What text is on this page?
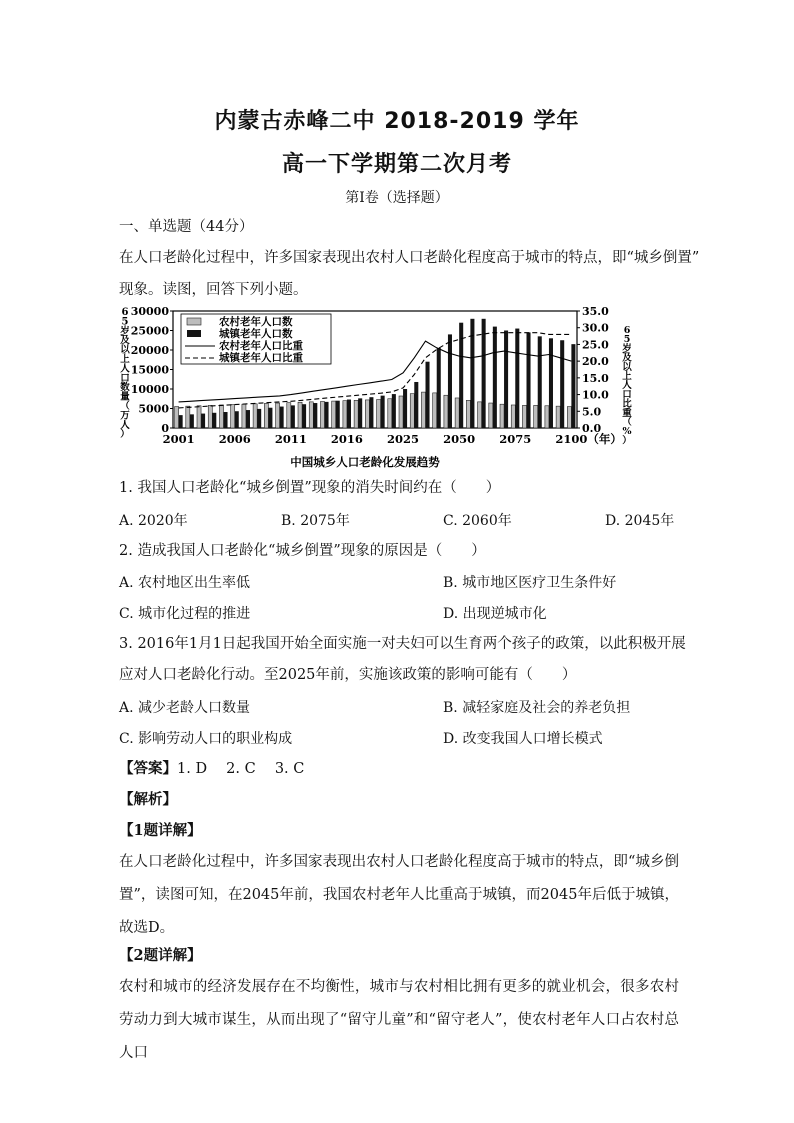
内蒙古赤峰二中 2018-2019 学年
高一下学期第二次月考
第Ⅰ卷（选择题）
一、单选题（44分）
在人口老龄化过程中，许多国家表现出农村人口老龄化程度高于城市的特点，即“城乡倒置”
现象。读图，回答下列小题。
0
5000
10000
15000
20000
25000
30000
0.0
5.0
10.0
15.0
20.0
25.0
30.0
35.0
2001 2006 2011 2016 2025 2050 2075 2100 （年）
农村老年人口数
城镇老年人口数
农村老年人口比重
城镇老年人口比重
6
5
岁
及
以
上
人
口
数
量
（
万
人
）
6
5
岁
及
以
上
人
口
比
重
（
%
）
中国城乡人口老龄化发展趋势
1. 我国人口老龄化“城乡倒置”现象的消失时间约在（　　）
A. 2020年	B. 2075年	C. 2060年	D. 2045年
2. 造成我国人口老龄化“城乡倒置”现象的原因是（　　）
A. 农村地区出生率低	B. 城市地区医疗卫生条件好
C. 城市化过程的推进	D. 出现逆城市化
3. 2016年1月1日起我国开始全面实施一对夫妇可以生育两个孩子的政策，以此积极开展
应对人口老龄化行动。至2025年前，实施该政策的影响可能有（　　）
A. 减少老龄人口数量	B. 减轻家庭及社会的养老负担
C. 影响劳动人口的职业构成	D. 改变我国人口增长模式
【答案】1. D　 2. C　 3. C
【解析】
【1题详解】
在人口老龄化过程中，许多国家表现出农村人口老龄化程度高于城市的特点，即“城乡倒置”，读图可知，在2045年前，我国农村老年人比重高于城镇，而2045年后低于城镇，故选D。
【2题详解】
农村和城市的经济发展存在不均衡性，城市与农村相比拥有更多的就业机会，很多农村劳动力到大城市谋生，从而出现了“留守儿童”和“留守老人”，使农村老年人口占农村总人口
